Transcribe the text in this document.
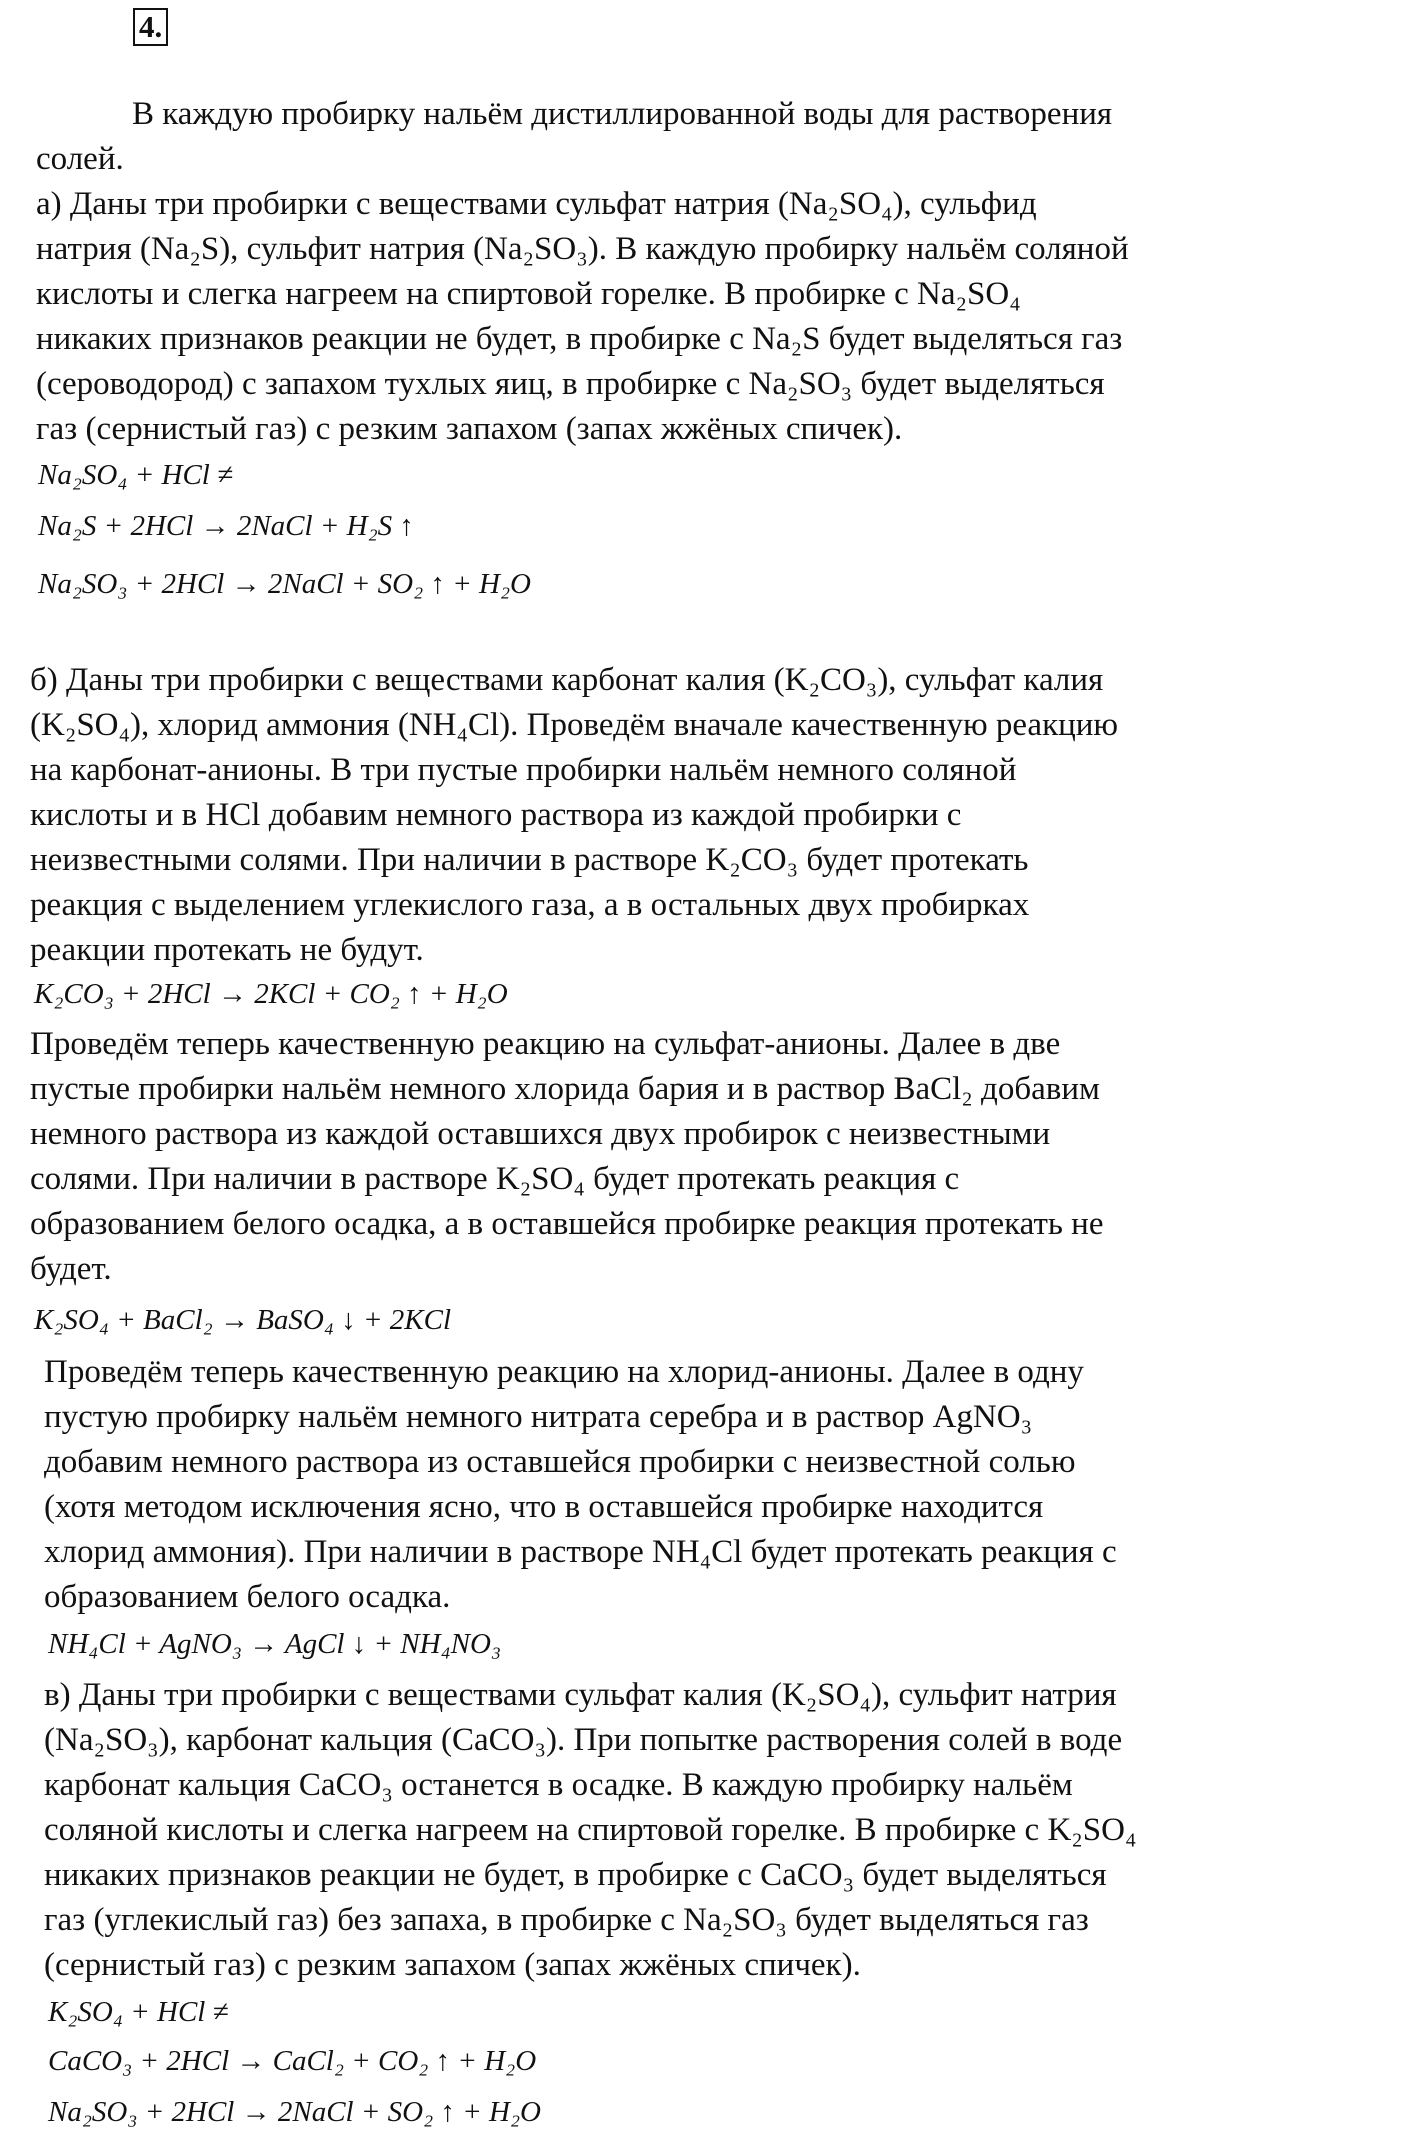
4.
В каждую пробирку нальём дистиллированной воды для растворения
солей.
а) Даны три пробирки с веществами сульфат натрия (Na₂SO₄), сульфид
натрия (Na₂S), сульфит натрия (Na₂SO₃). В каждую пробирку нальём соляной
кислоты и слегка нагреем на спиртовой горелке. В пробирке с Na₂SO₄
никаких признаков реакции не будет, в пробирке с Na₂S будет выделяться газ
(сероводород) с запахом тухлых яиц, в пробирке с Na₂SO₃ будет выделяться
газ (сернистый газ) с резким запахом (запах жжёных спичек).
Na₂SO₄ + HCl ≠
Na₂S + 2HCl → 2NaCl + H₂S ↑
Na₂SO₃ + 2HCl → 2NaCl + SO₂ ↑ + H₂O
б) Даны три пробирки с веществами карбонат калия (K₂CO₃), сульфат калия
(K₂SO₄), хлорид аммония (NH₄Cl). Проведём вначале качественную реакцию
на карбонат-анионы. В три пустые пробирки нальём немного соляной
кислоты и в HCl добавим немного раствора из каждой пробирки с
неизвестными солями. При наличии в растворе K₂CO₃ будет протекать
реакция с выделением углекислого газа, а в остальных двух пробирках
реакции протекать не будут.
K₂CO₃ + 2HCl → 2KCl + CO₂ ↑ + H₂O
Проведём теперь качественную реакцию на сульфат-анионы. Далее в две
пустые пробирки нальём немного хлорида бария и в раствор BaCl₂ добавим
немного раствора из каждой оставшихся двух пробирок с неизвестными
солями. При наличии в растворе K₂SO₄ будет протекать реакция с
образованием белого осадка, а в оставшейся пробирке реакция протекать не
будет.
K₂SO₄ + BaCl₂ → BaSO₄ ↓ + 2KCl
Проведём теперь качественную реакцию на хлорид-анионы. Далее в одну
пустую пробирку нальём немного нитрата серебра и в раствор AgNO₃
добавим немного раствора из оставшейся пробирки с неизвестной солью
(хотя методом исключения ясно, что в оставшейся пробирке находится
хлорид аммония). При наличии в растворе NH₄Cl будет протекать реакция с
образованием белого осадка.
NH₄Cl + AgNO₃ → AgCl ↓ + NH₄NO₃
в) Даны три пробирки с веществами сульфат калия (K₂SO₄), сульфит натрия
(Na₂SO₃), карбонат кальция (CaCO₃). При попытке растворения солей в воде
карбонат кальция CaCO₃ останется в осадке. В каждую пробирку нальём
соляной кислоты и слегка нагреем на спиртовой горелке. В пробирке с K₂SO₄
никаких признаков реакции не будет, в пробирке с CaCO₃ будет выделяться
газ (углекислый газ) без запаха, в пробирке с Na₂SO₃ будет выделяться газ
(сернистый газ) с резким запахом (запах жжёных спичек).
K₂SO₄ + HCl ≠
CaCO₃ + 2HCl → CaCl₂ + CO₂ ↑ + H₂O
Na₂SO₃ + 2HCl → 2NaCl + SO₂ ↑ + H₂O
